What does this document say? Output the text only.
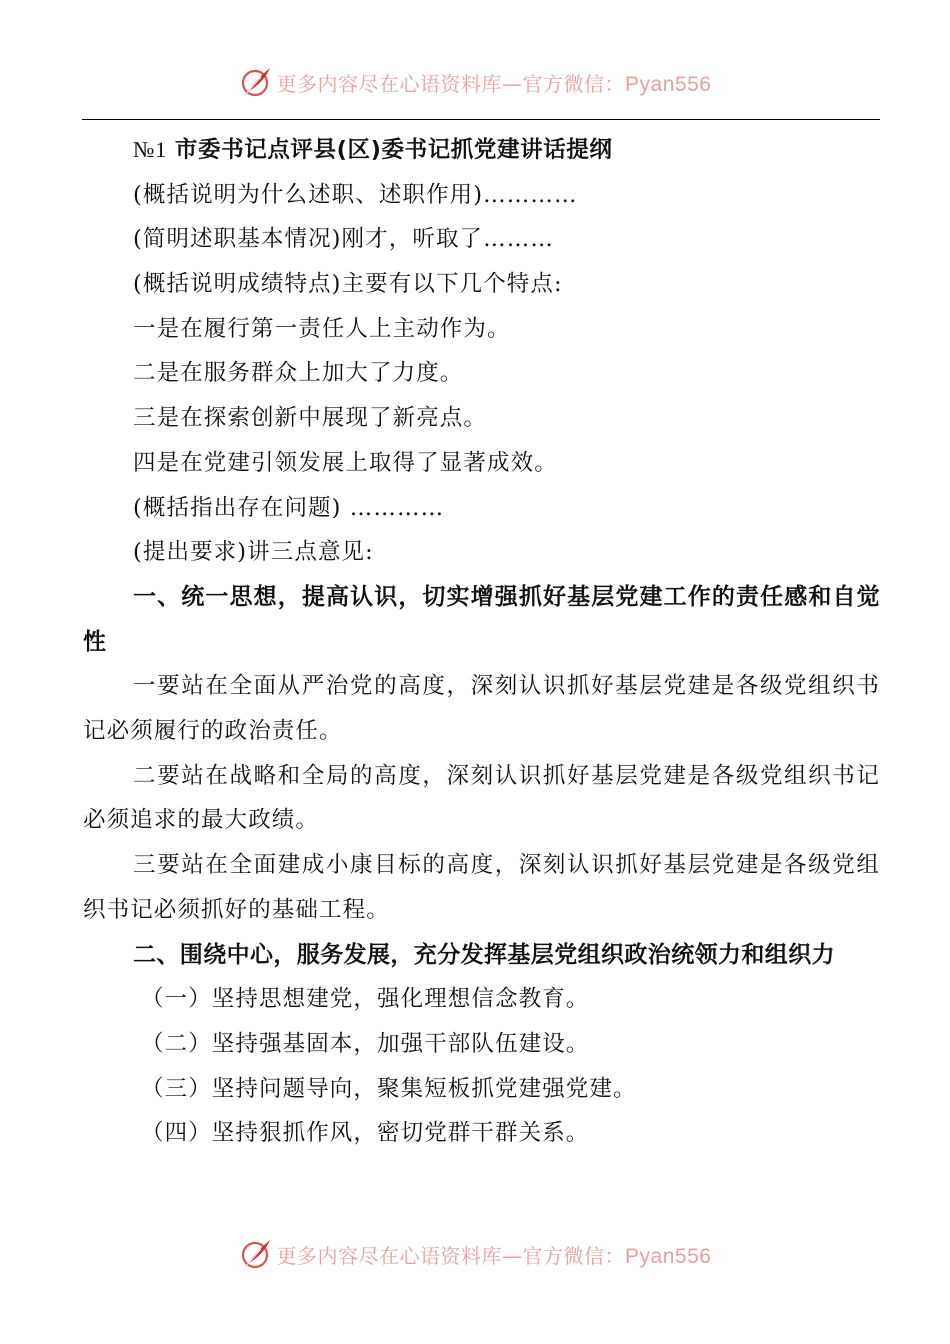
更多内容尽在心语资料库—官方微信：Pyan556
№1 市委书记点评县(区)委书记抓党建讲话提纲
(概括说明为什么述职、述职作用)…………
(简明述职基本情况)刚才，听取了………
(概括说明成绩特点)主要有以下几个特点:
一是在履行第一责任人上主动作为。
二是在服务群众上加大了力度。
三是在探索创新中展现了新亮点。
四是在党建引领发展上取得了显著成效。
(概括指出存在问题) …………
(提出要求)讲三点意见:
一、统一思想，提高认识，切实增强抓好基层党建工作的责任感和自觉性
一要站在全面从严治党的高度，深刻认识抓好基层党建是各级党组织书记必须履行的政治责任。
二要站在战略和全局的高度，深刻认识抓好基层党建是各级党组织书记必须追求的最大政绩。
三要站在全面建成小康目标的高度，深刻认识抓好基层党建是各级党组织书记必须抓好的基础工程。
二、围绕中心，服务发展，充分发挥基层党组织政治统领力和组织力
（一）坚持思想建党，强化理想信念教育。
（二）坚持强基固本，加强干部队伍建设。
（三）坚持问题导向，聚集短板抓党建强党建。
（四）坚持狠抓作风，密切党群干群关系。
更多内容尽在心语资料库—官方微信：Pyan556
